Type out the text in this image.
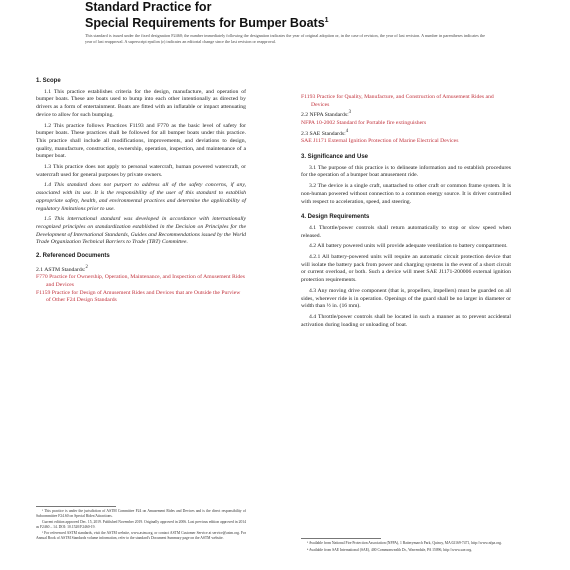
Standard Practice for
Special Requirements for Bumper Boats$^1$
This standard is issued under the fixed designation F2460; the number immediately following the designation indicates the year of original adoption or, in the case of revision, the year of last revision. A number in parentheses indicates the year of last reapproval. A superscript epsilon (ε) indicates an editorial change since the last revision or reapproval.
1. Scope

1.1 This practice establishes criteria for the design, manufacture, and operation of bumper boats. These are boats used to bump into each other intentionally as directed by drivers as a form of entertainment. Boats are fitted with an inflatable or impact attenuating device to allow for such bumping.

1.2 This practice follows Practices F1193 and F770 as the basic level of safety for bumper boats. These practices shall be followed for all bumper boats under this practice. This practice shall include all modifications, improvements, and deviations to design, quality, manufacture, construction, ownership, operation, inspection, and maintenance of a bumper boat.

1.3 This practice does not apply to personal watercraft, human powered watercraft, or watercraft used for general purposes by private owners.

1.4 This standard does not purport to address all of the safety concerns, if any, associated with its use. It is the responsibility of the user of this standard to establish appropriate safety, health, and environmental practices and determine the applicability of regulatory limitations prior to use.

1.5 This international standard was developed in accordance with internationally recognized principles on standardization established in the Decision on Principles for the Development of International Standards, Guides and Recommendations issued by the World Trade Organization Technical Barriers to Trade (TBT) Committee.

2. Referenced Documents

2.1 ASTM Standards:$^2$

F770 Practice for Ownership, Operation, Maintenance, and Inspection of Amusement Rides and Devices

F1159 Practice for Design of Amusement Rides and Devices that are Outside the Purview of Other F24 Design Standards

¹ This practice is under the jurisdiction of ASTM Committee F24 on Amusement Rides and Devices and is the direct responsibility of Subcommittee F24.60 on Special Rides/Attractions.

Current edition approved Dec. 15, 2019. Published November 2019. Originally approved in 2006. Last previous edition approved in 2014 as F2460 – 14. DOI: 10.1520/F2460-19.

² For referenced ASTM standards, visit the ASTM website, www.astm.org, or contact ASTM Customer Service at service@astm.org. For Annual Book of ASTM Standards volume information, refer to the standard's Document Summary page on the ASTM website.

F1193 Practice for Quality, Manufacture, and Construction of Amusement Rides and Devices

2.2 NFPA Standards:$^3$

NFPA 10-2002 Standard for Portable fire extinguishers

2.3 SAE Standards:$^4$

SAE J1171 External Ignition Protection of Marine Electrical Devices

3. Significance and Use

3.1 The purpose of this practice is to delineate information and to establish procedures for the operation of a bumper boat amusement ride.

3.2 The device is a single craft, unattached to other craft or common frame system. It is non-human powered without connection to a common energy source. It is driver controlled with respect to acceleration, speed, and steering.

4. Design Requirements

4.1 Throttle/power controls shall return automatically to stop or slow speed when released.

4.2 All battery powered units will provide adequate ventilation to battery compartment.

4.2.1 All battery-powered units will require an automatic circuit protection device that will isolate the battery pack from power and charging systems in the event of a short circuit or current overload, or both. Such a device will meet SAE J1171-200006 external ignition protection requirements.

4.3 Any moving drive component (that is, propellers, impellers) must be guarded on all sides, wherever ride is in operation. Openings of the guard shall be no larger in diameter or width than ½ in. (16 mm).

4.4 Throttle/power controls shall be located in such a manner as to prevent accidental activation during loading or unloading of boat.

³ Available from National Fire Protection Association (NFPA), 1 Batterymarch Park, Quincy, MA 02169-7471, http://www.nfpa.org.

⁴ Available from SAE International (SAE), 400 Commonwealth Dr., Warrendale, PA 15096, http://www.sae.org.
